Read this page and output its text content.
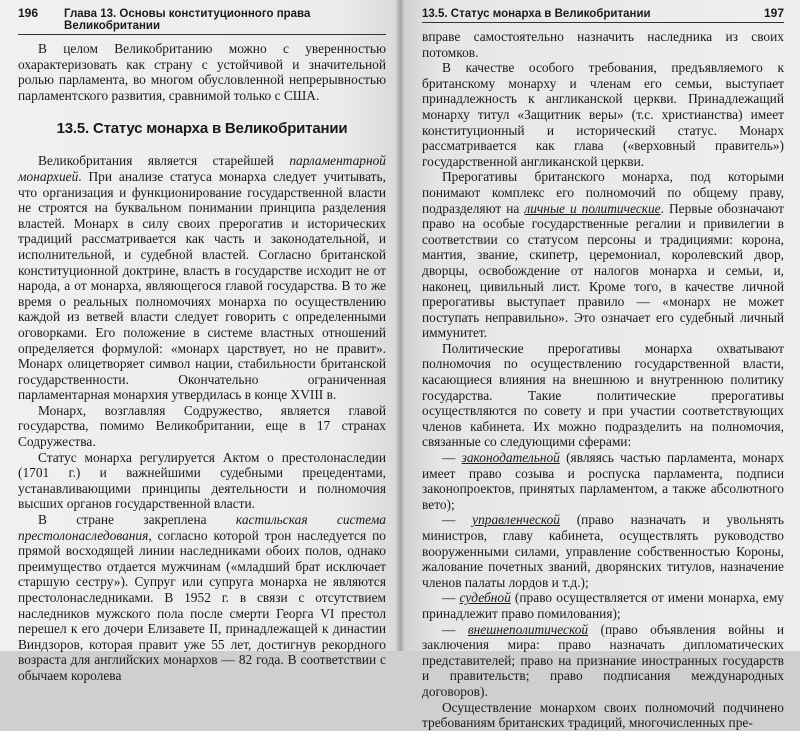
196 Глава 13. Основы конституционного права Великобритании

В целом Великобританию можно с уверенностью охарактеризовать как страну с устойчивой и значительной ролью парламента, во многом обусловленной непрерывностью парламентского развития, сравнимой только с США.

13.5. Статус монарха в Великобритании

Великобритания является старейшей парламентарной монархией. При анализе статуса монарха следует учитывать, что организация и функционирование государственной власти не строятся на буквальном понимании принципа разделения властей. Монарх в силу своих прерогатив и исторических традиций рассматривается как часть и законодательной, и исполнительной, и судебной властей. Согласно британской конституционной доктрине, власть в государстве исходит не от народа, а от монарха, являющегося главой государства. В то же время о реальных полномочиях монарха по осуществлению каждой из ветвей власти следует говорить с определенными оговорками. Его положение в системе властных отношений определяется формулой: «монарх царствует, но не правит». Монарх олицетворяет символ нации, стабильности британской государственности. Окончательно ограниченная парламентарная монархия утвердилась в конце XVIII в.

Монарх, возглавляя Содружество, является главой государства, помимо Великобритании, еще в 17 странах Содружества.

Статус монарха регулируется Актом о престолонаследии (1701 г.) и важнейшими судебными прецедентами, устанавливающими принципы деятельности и полномочия высших органов государственной власти.

В стране закреплена кастильская система престолонаследования, согласно которой трон наследуется по прямой восходящей линии наследниками обоих полов, однако преимущество отдается мужчинам («младший брат исключает старшую сестру»). Супруг или супруга монарха не являются престолонаследниками. В 1952 г. в связи с отсутствием наследников мужского пола после смерти Георга VI престол перешел к его дочери Елизавете II, принадлежащей к династии Виндзоров, которая правит уже 55 лет, достигнув рекордного возраста для английских монархов — 82 года. В соответствии с обычаем королева

13.5. Статус монарха в Великобритании	197

вправе самостоятельно назначить наследника из своих потомков.

В качестве особого требования, предъявляемого к британскому монарху и членам его семьи, выступает принадлежность к англиканской церкви. Принадлежащий монарху титул «Защитник веры» (т.с. христианства) имеет конституционный и исторический статус. Монарх рассматривается как глава («верховный правитель») государственной англиканской церкви.

Прерогативы британского монарха, под которыми понимают комплекс его полномочий по общему праву, подразделяют на личные и политические. Первые обозначают право на особые государственные регалии и привилегии в соответствии со статусом персоны и традициями: корона, мантия, звание, скипетр, церемониал, королевский двор, дворцы, освобождение от налогов монарха и семьи, и, наконец, цивильный лист. Кроме того, в качестве личной прерогативы выступает правило — «монарх не может поступать неправильно». Это означает его судебный личный иммунитет.

Политические прерогативы монарха охватывают полномочия по осуществлению государственной власти, касающиеся влияния на внешнюю и внутреннюю политику государства. Такие политические прерогативы осуществляются по совету и при участии соответствующих членов кабинета. Их можно подразделить на полномочия, связанные со следующими сферами:

— законодательной (являясь частью парламента, монарх имеет право созыва и роспуска парламента, подписи законопроектов, принятых парламентом, а также абсолютного вето);

— управленческой (право назначать и увольнять министров, главу кабинета, осуществлять руководство вооруженными силами, управление собственностью Короны, жалование почетных званий, дворянских титулов, назначение членов палаты лордов и т.д.);

— судебной (право осуществляется от имени монарха, ему принадлежит право помилования);

— внешнеполитической (право объявления войны и заключения мира: право назначать дипломатических представителей; право на признание иностранных государств и правительств; право подписания международных договоров).

Осуществление монархом своих полномочий подчинено требованиям британских традиций, многочисленных пре-
